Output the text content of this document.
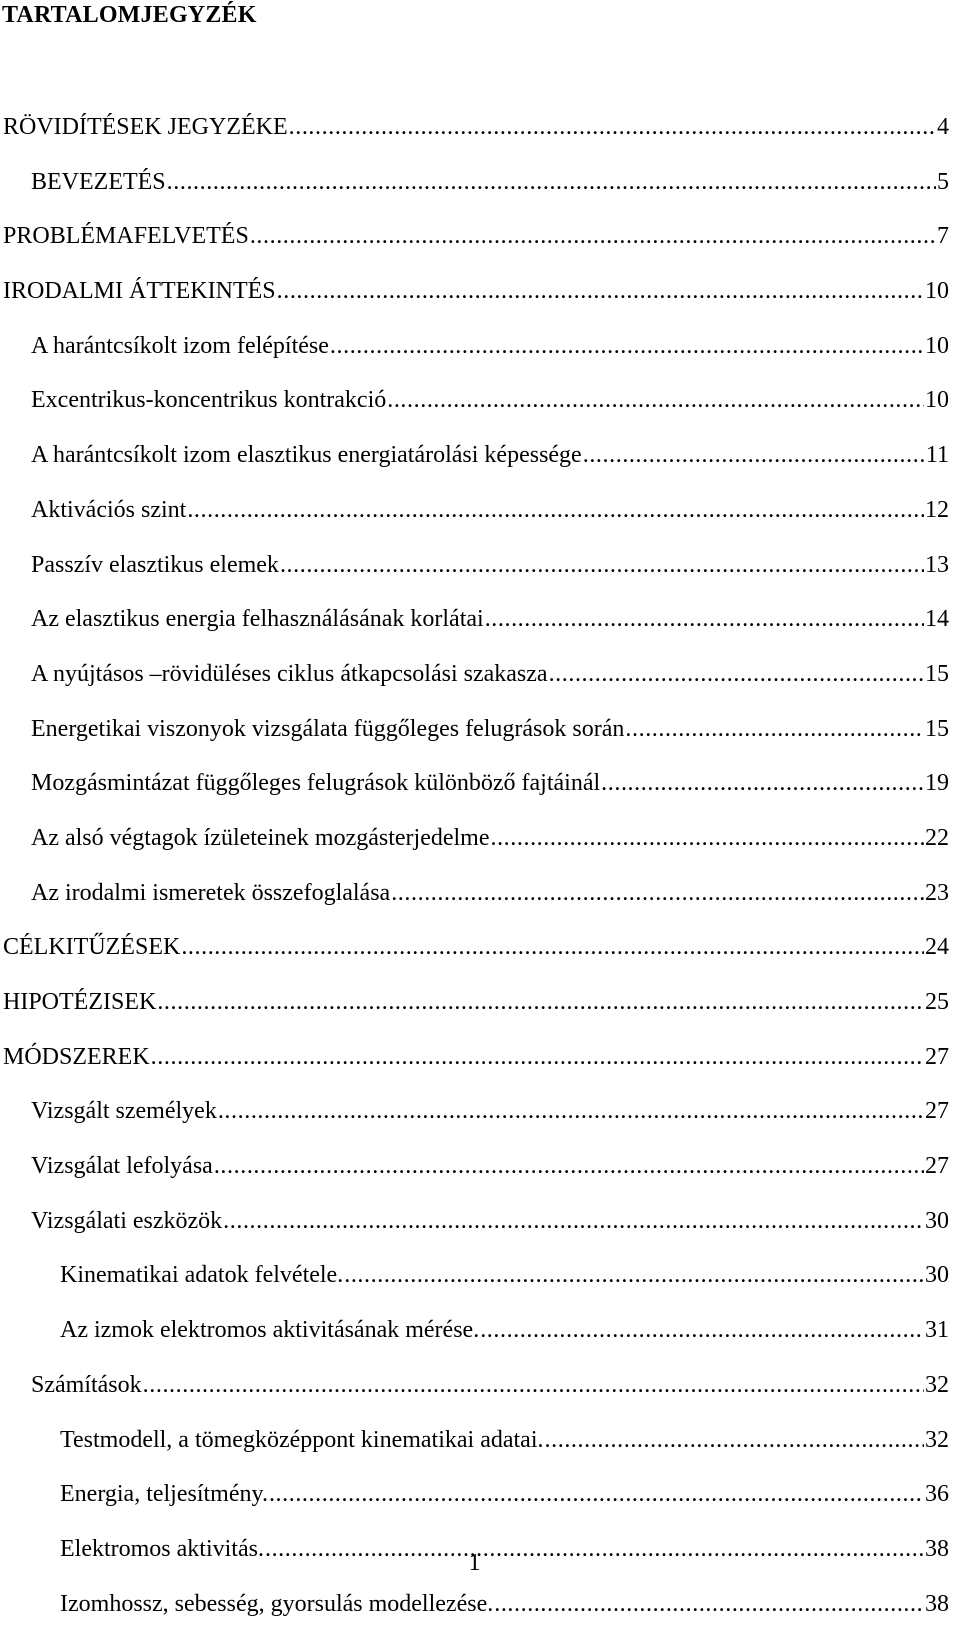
TARTALOMJEGYZÉK
RÖVIDÍTÉSEK JEGYZÉKE .....	4
BEVEZETÉS .....	5
PROBLÉMAFELVETÉS .....	7
IRODALMI ÁTTEKINTÉS .....	10
A harántcsíkolt izom felépítése .....	10
Excentrikus-koncentrikus kontrakció .....	10
A harántcsíkolt izom elasztikus energiatárolási képessége .....	11
Aktivációs szint .....	12
Passzív elasztikus elemek .....	13
Az elasztikus energia felhasználásának korlátai .....	14
A nyújtásos –rövidüléses ciklus átkapcsolási szakasza .....	15
Energetikai viszonyok vizsgálata függőleges felugrások során .....	15
Mozgásmintázat függőleges felugrások különböző fajtáinál .....	19
Az alsó végtagok ízületeinek mozgásterjedelme .....	22
Az irodalmi ismeretek összefoglalása .....	23
CÉLKITŰZÉSEK .....	24
HIPOTÉZISEK .....	25
MÓDSZEREK .....	27
Vizsgált személyek .....	27
Vizsgálat lefolyása .....	27
Vizsgálati eszközök .....	30
Kinematikai adatok felvétele. .....	30
Az izmok elektromos aktivitásának mérése. .....	31
Számítások .....	32
Testmodell, a tömegközéppont kinematikai adatai. .....	32
Energia, teljesítmény. .....	36
Elektromos aktivitás. .....	38
Izomhossz, sebesség, gyorsulás modellezése. .....	38
1
